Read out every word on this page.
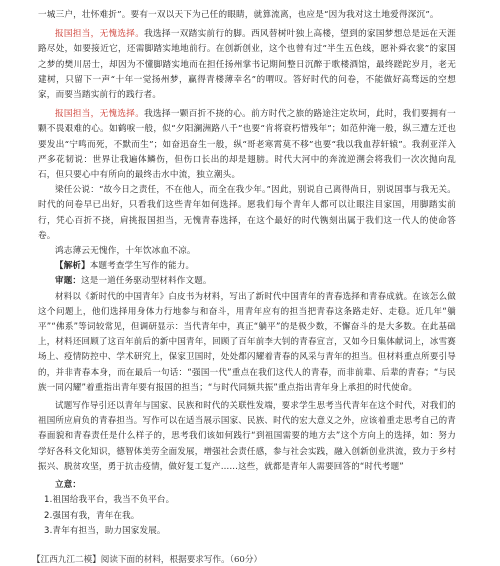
一城三户，壮怀难折”。要有一双以天下为己任的眼睛，就算流离，也应是“因为我对这土地爱得深沉”。

报国担当，无愧选择。我选择一双踏实前行的脚。西风替树叶独上高楼，望到的家国梦想总是远在天涯路尽处，如要接近它，还需脚踏实地地前行。在创新创业，这个也曾有过“半生五色线，愿补舜衣裳”的家国之梦的樊川居士，却因为不懂脚踏实地而在担任扬州掌书记期间整日沉醉于歌楼酒馆，最终蹉跎岁月，老无建树，只留下一声“十年一觉扬州梦，赢得青楼薄幸名”的喟叹。答好时代的问卷，不能做好高骛远的空想家，而要当踏实前行的践行者。

报国担当，无愧选择。我选择一颗百折不挠的心。前方时代之旅的路途注定坎坷，此时，我们要拥有一颗不畏艰难的心。如鹤唳一般，似“夕阳澜洲路八千”也要“肯将衰朽惜残年”；如范仲淹一般，纵三遭左迁也要发出“宁鸣而死，不默而生”；如奋迅奋生一般，纵“哥老寒霄莫不移”也要“我以我血荐轩辕”。我刹亚洋入严多花韧说：世界让我遍体鳞伤，但伤口长出的却是翅膀。时代大河中的奔流逆溯会将我们一次次抛向乱石，但只要心中有所向的最终击水中流，独立潮头。

梁任公说：“故今日之责任，不在他人，而全在我少年。”因此，别说自己离得尚日，别说国事与我无关。时代的问卷早已出好，只看我们这些青年如何选择。愿我们每个青年人都可以让眼注目家国，用脚踏实前行，凭心百折不挠，肩挑报国担当，无愧青春选择，在这个最好的时代镌刻出属于我们这一代人的使命答卷。

鸿志薄云无愧作，十年饮冰血不凉。

【解析】本题考查学生写作的能力。

审题：这是一道任务驱动型材料作文题。

材料以《新时代的中国青年》白皮书为材料，写出了新时代中国青年的青春选择和青春成就。在该怎么做这个问题上，他们选择用身体力行地参与和奋斗，用青年应有的担当把青春这条路走好、走稳。近几年“躺平”“佛系”等词较常见，但调研显示：当代青年中，真正“躺平”的是极少数，不懈奋斗的是大多数。在此基础上，材料还回顾了这百年前后的新中国青年，回顾了百年前李大钊的青春宣言，又如今日集体献词上，冰雪赛场上、疫情防控中、学术研究上，保家卫国时，处处都闪耀着青春的风采与青年的担当。但材料重点所要引导的，并非青春本身，而在最后一句话：“强国一代”重点在我们这代人的青春，而非前辈、后辈的青春；“与民族一同闪耀”着重指出青年要有报国的担当；“与时代同频共振”重点指出青年身上承担的时代使命。

试题写作导引还以青年与国家、民族和时代的关联性发端，要求学生思考当代青年在这个时代，对我们的祖国所应肩负的青春担当。写作可以在适当展示国家、民族、时代的宏大意义之外，应该着重走思考自己的青春面貌和青春责任是什么样子的，思考我们该如何践行“到祖国需要的地方去”这个方向上的选择，如：努力学好各科文化知识，德智体美劳全面发展，增强社会责任感，参与社会实践，融入创新创业洪流，致力于乡村振兴、脱贫攻坚，勇于抗击疫情，做好复工复产……这些，就都是青年人需要回答的“时代考题”

立意：

1.祖国给我平台，我当不负平台。

2.强国有我，青年在我。

3.青年有担当，助力国家发展。

【江西九江二模】阅读下面的材料，根据要求写作。（60分）
